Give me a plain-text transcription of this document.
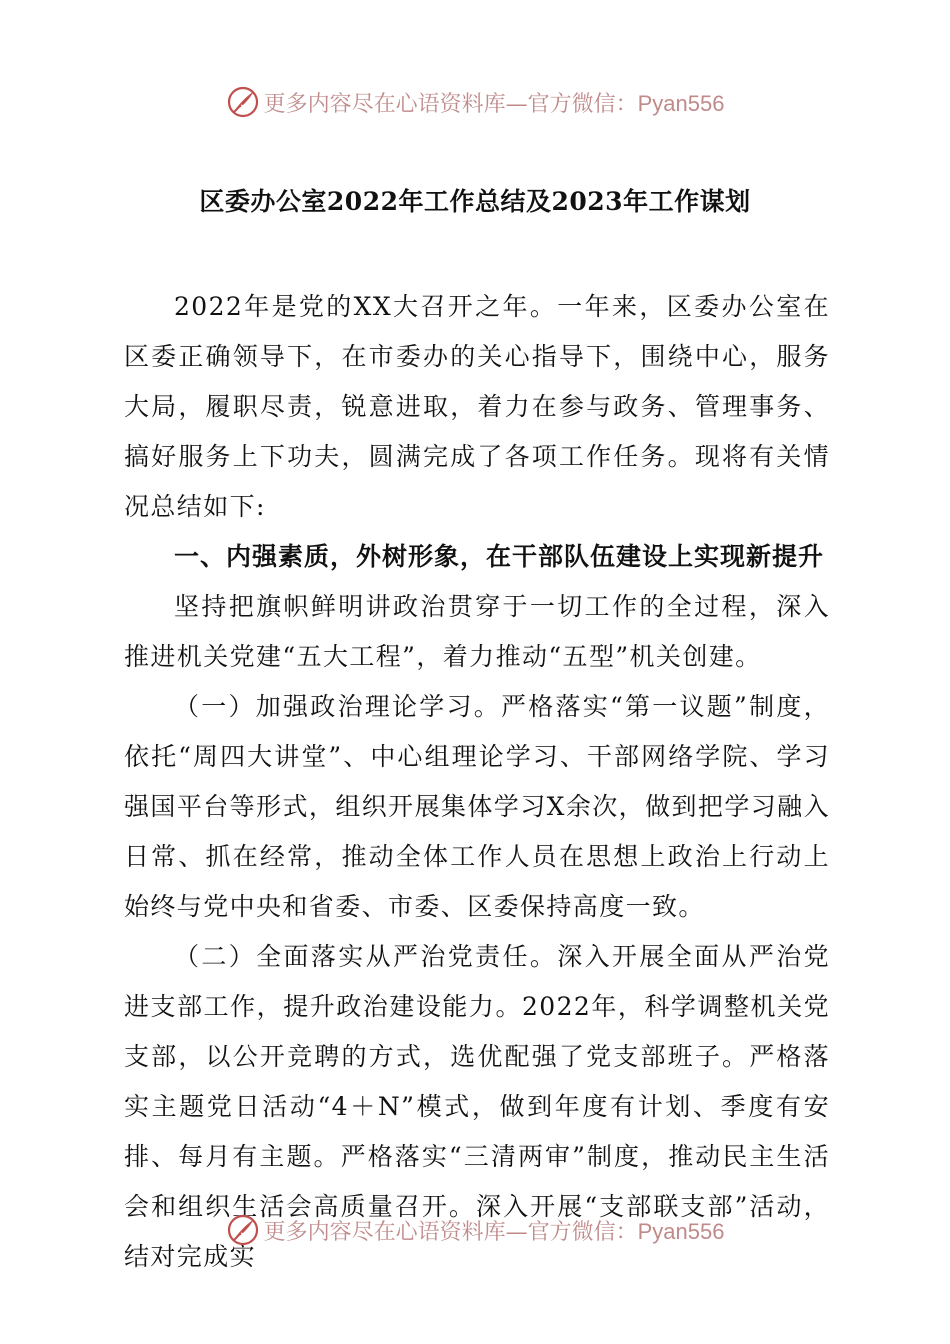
更多内容尽在心语资料库—官方微信：Pyan556
区委办公室2022年工作总结及2023年工作谋划

2022年是党的XX大召开之年。一年来，区委办公室在区委正确领导下，在市委办的关心指导下，围绕中心，服务大局，履职尽责，锐意进取，着力在参与政务、管理事务、搞好服务上下功夫，圆满完成了各项工作任务。现将有关情况总结如下:

一、内强素质，外树形象，在干部队伍建设上实现新提升

坚持把旗帜鲜明讲政治贯穿于一切工作的全过程，深入推进机关党建“五大工程”，着力推动“五型”机关创建。

（一）加强政治理论学习。严格落实“第一议题”制度，依托“周四大讲堂”、中心组理论学习、干部网络学院、学习强国平台等形式，组织开展集体学习X余次，做到把学习融入日常、抓在经常，推动全体工作人员在思想上政治上行动上始终与党中央和省委、市委、区委保持高度一致。

（二）全面落实从严治党责任。深入开展全面从严治党进支部工作，提升政治建设能力。2022年，科学调整机关党支部，以公开竞聘的方式，选优配强了党支部班子。严格落实主题党日活动“4＋N”模式，做到年度有计划、季度有安排、每月有主题。严格落实“三清两审”制度，推动民主生活会和组织生活会高质量召开。深入开展“支部联支部”活动，结对完成实

更多内容尽在心语资料库—官方微信：Pyan556
